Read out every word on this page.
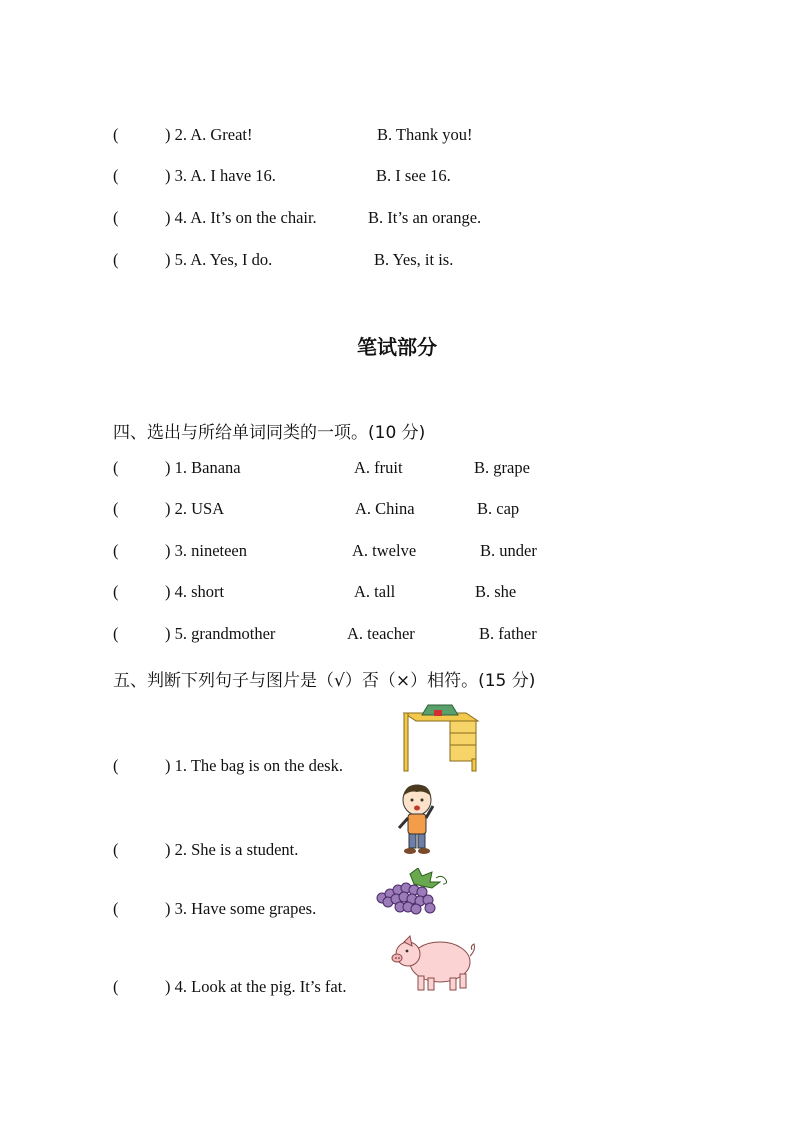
(	) 2. A. Great!	B. Thank you!
(	) 3. A. I have 16.	B. I see 16.
(	) 4. A. It’s on the chair.	B. It’s an orange.
(	) 5. A. Yes, I do.	B. Yes, it is.
笔试部分
四、选出与所给单词同类的一项。(10 分)
(	) 1. Banana	A. fruit	B. grape
(	) 2. USA	A. China	B. cap
(	) 3. nineteen	A. twelve	B. under
(	) 4. short	A. tall	B. she
(	) 5. grandmother	A. teacher	B. father
五、判断下列句子与图片是（√）否（×）相符。(15 分)
(	) 1. The bag is on the desk.
(	) 2. She is a student.
(	) 3. Have some grapes.
(	) 4. Look at the pig. It’s fat.
